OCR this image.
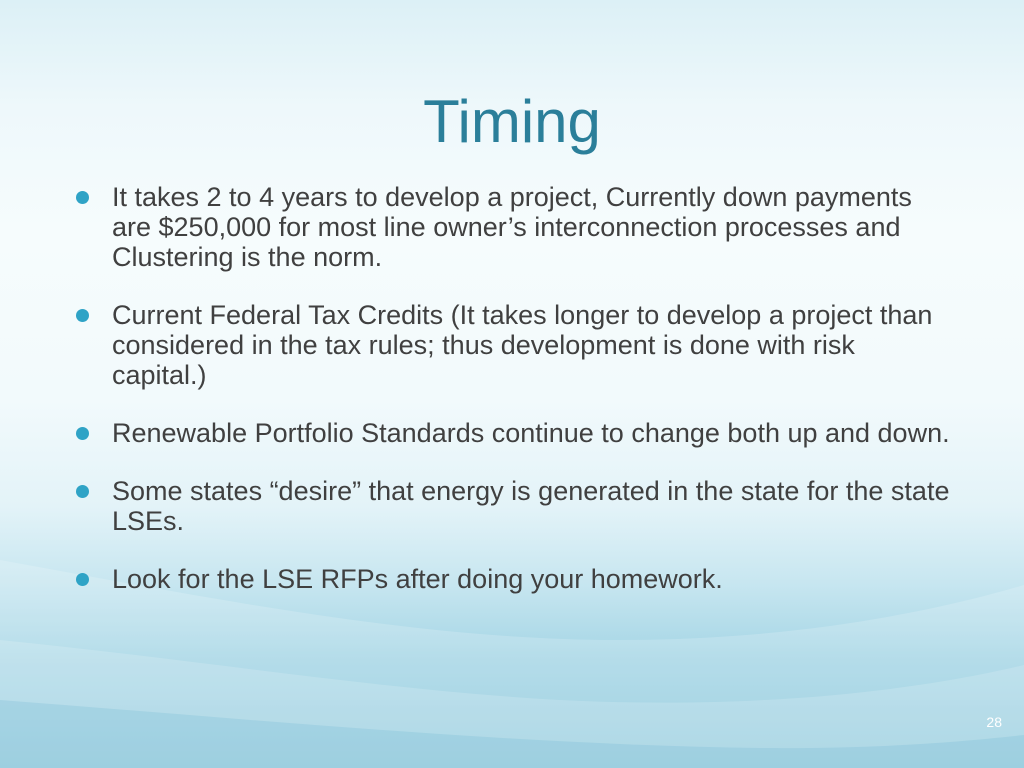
Timing
It takes 2 to 4 years to develop a project, Currently down payments are $250,000 for most line owner’s interconnection processes and Clustering is the norm.
Current Federal Tax Credits (It takes longer to develop a project than considered in the tax rules; thus development is done with risk capital.)
Renewable Portfolio Standards continue to change both up and down.
Some states “desire” that energy is generated in the state for the state LSEs.
Look for the LSE RFPs after doing your homework.
28
